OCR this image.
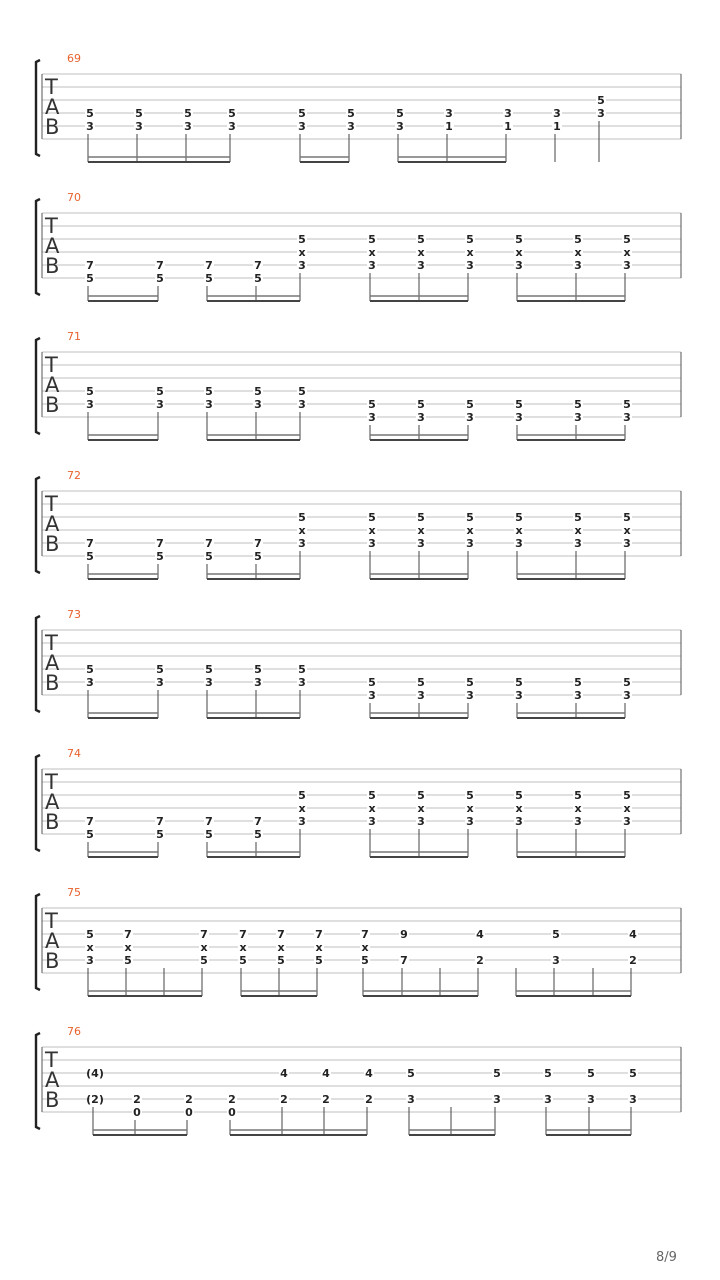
T
A
B
69
5
3
5
3
5
3
5
3
5
3
5
3
5
3
3
1
3
1
3
1
5
3
T
A
B
70
7
5
7
5
7
5
7
5
5
x
3
5
x
3
5
x
3
5
x
3
5
x
3
5
x
3
5
x
3
T
A
B
71
5
3
5
3
5
3
5
3
5
3	5
3
5
3
5
3
5
3
5
3
5
3
T
A
B
72
7
5
7
5
7
5
7
5
5
x
3
5
x
3
5
x
3
5
x
3
5
x
3
5
x
3
5
x
3
T
A
B
73
5
3
5
3
5
3
5
3
5
3	5
3
5
3
5
3
5
3
5
3
5
3
T
A
B
74
7
5
7
5
7
5
7
5
5
x
3
5
x
3
5
x
3
5
x
3
5
x
3
5
x
3
5
x
3
T
A
B
75
5
x
3
7
x
5
7
x
5
7
x
5
7
x
5
7
x
5
7
x
5
9
7
4
2
5
3
4
2
T
A
B
76
(4)
(2)	2
0
2
0
2
0
4
2
4
2
4
2
5
3
5
3
5
3
5
3
5
3
8/9
